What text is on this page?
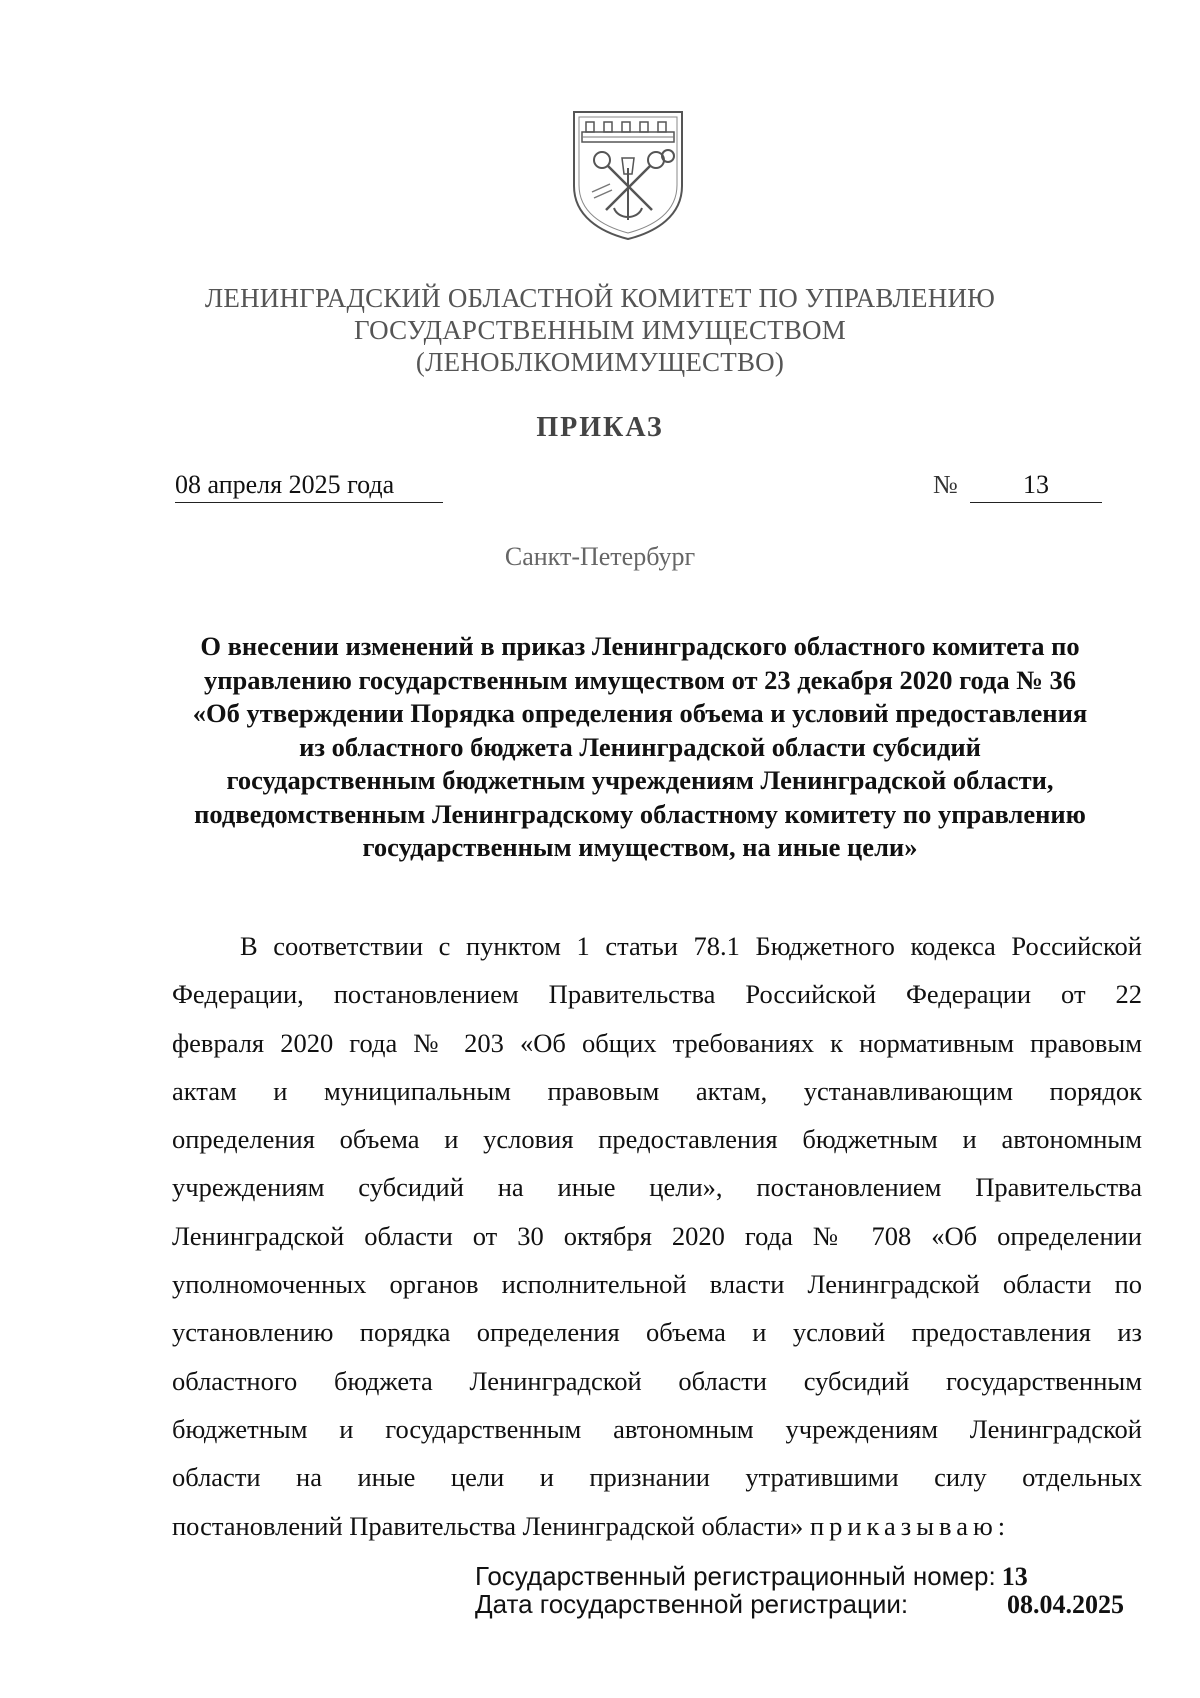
ЛЕНИНГРАДСКИЙ ОБЛАСТНОЙ КОМИТЕТ ПО УПРАВЛЕНИЮ
ГОСУДАРСТВЕННЫМ ИМУЩЕСТВОМ
(ЛЕНОБЛКОМИМУЩЕСТВО)
ПРИКАЗ
08 апреля 2025 года	№	13
Санкт-Петербург
О внесении изменений в приказ Ленинградского областного комитета по
управлению государственным имуществом от 23 декабря 2020 года № 36
«Об утверждении Порядка определения объема и условий предоставления
из областного бюджета Ленинградской области субсидий
государственным бюджетным учреждениям Ленинградской области,
подведомственным Ленинградскому областному комитету по управлению
государственным имуществом, на иные цели»
В соответствии с пунктом 1 статьи 78.1 Бюджетного кодекса Российской
Федерации, постановлением Правительства Российской Федерации от 22
февраля 2020 года № 203 «Об общих требованиях к нормативным правовым
актам и муниципальным правовым актам, устанавливающим порядок
определения объема и условия предоставления бюджетным и автономным
учреждениям субсидий на иные цели», постановлением Правительства
Ленинградской области от 30 октября 2020 года № 708 «Об определении
уполномоченных органов исполнительной власти Ленинградской области по
установлению порядка определения объема и условий предоставления из
областного бюджета Ленинградской области субсидий государственным
бюджетным и государственным автономным учреждениям Ленинградской
области на иные цели и признании утратившими силу отдельных
постановлений Правительства Ленинградской области» приказываю:
Государственный регистрационный номер: 13
Дата государственной регистрации:	08.04.2025
